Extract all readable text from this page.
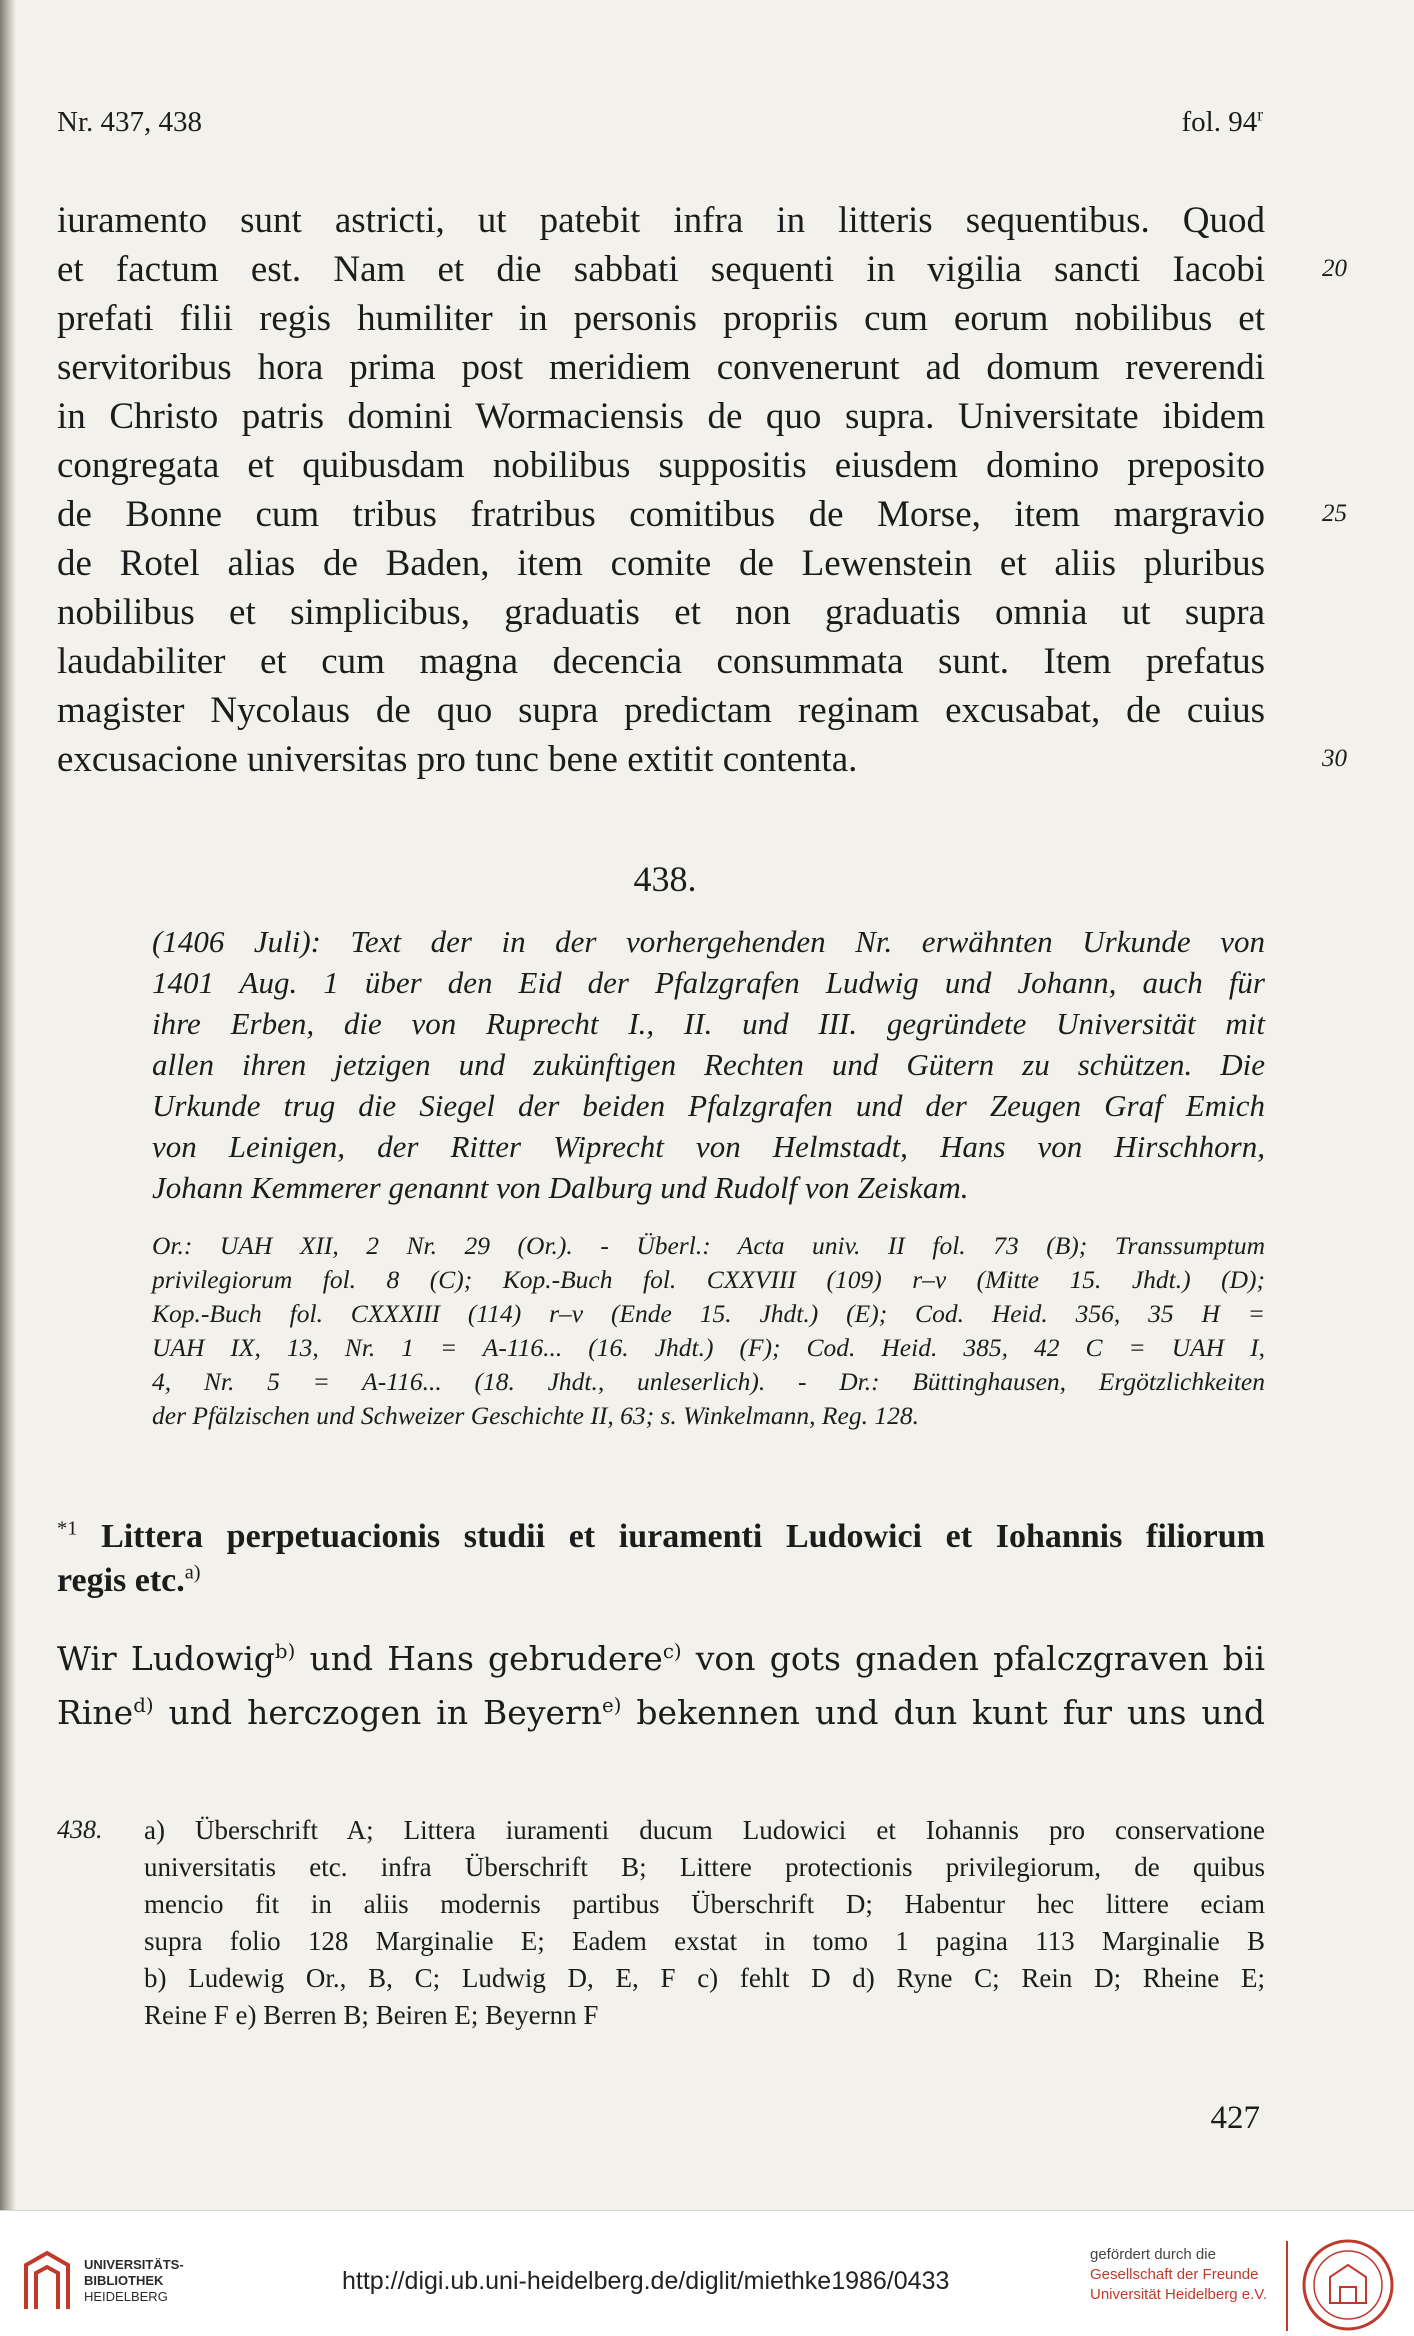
Nr. 437, 438	fol. 94$^r$
iuramento sunt astricti, ut patebit infra in litteris sequentibus. Quod
et factum est. Nam et die sabbati sequenti in vigilia sancti Iacobi
prefati filii regis humiliter in personis propriis cum eorum nobilibus et
servitoribus hora prima post meridiem convenerunt ad domum reverendi
in Christo patris domini Wormaciensis de quo supra. Universitate ibidem
congregata et quibusdam nobilibus suppositis eiusdem domino preposito
de Bonne cum tribus fratribus comitibus de Morse, item margravio
de Rotel alias de Baden, item comite de Lewenstein et aliis pluribus
nobilibus et simplicibus, graduatis et non graduatis omnia ut supra
laudabiliter et cum magna decencia consummata sunt. Item prefatus
magister Nycolaus de quo supra predictam reginam excusabat, de cuius
excusacione universitas pro tunc bene extitit contenta.
20
25
30
438.
(1406 Juli): Text der in der vorhergehenden Nr. erwähnten Urkunde von
1401 Aug. 1 über den Eid der Pfalzgrafen Ludwig und Johann, auch für
ihre Erben, die von Ruprecht I., II. und III. gegründete Universität mit
allen ihren jetzigen und zukünftigen Rechten und Gütern zu schützen. Die
Urkunde trug die Siegel der beiden Pfalzgrafen und der Zeugen Graf Emich
von Leinigen, der Ritter Wiprecht von Helmstadt, Hans von Hirschhorn,
Johann Kemmerer genannt von Dalburg und Rudolf von Zeiskam.
Or.: UAH XII, 2 Nr. 29 (Or.). - Überl.: Acta univ. II fol. 73 (B); Transsumptum
privilegiorum fol. 8 (C); Kop.-Buch fol. CXXVIII (109) r–v (Mitte 15. Jhdt.) (D);
Kop.-Buch fol. CXXXIII (114) r–v (Ende 15. Jhdt.) (E); Cod. Heid. 356, 35 H =
UAH IX, 13, Nr. 1 = A-116... (16. Jhdt.) (F); Cod. Heid. 385, 42 C = UAH I,
4, Nr. 5 = A-116... (18. Jhdt., unleserlich). - Dr.: Büttinghausen, Ergötzlichkeiten
der Pfälzischen und Schweizer Geschichte II, 63; s. Winkelmann, Reg. 128.
$^{*1}$ Littera perpetuacionis studii et iuramenti Ludowici et Iohannis filiorum
regis etc.$^{a)}$
Wir Ludowig$^{b)}$ und Hans gebrudere$^{c)}$ von gots gnaden pfalczgraven bii
Rine$^{d)}$ und herczogen in Beyern$^{e)}$ bekennen und dun kunt fur uns und
438. a) Überschrift A; Littera iuramenti ducum Ludowici et Iohannis pro conservatione
universitatis etc. infra Überschrift B; Littere protectionis privilegiorum, de quibus
mencio fit in aliis modernis partibus Überschrift D; Habentur hec littere eciam
supra folio 128 Marginalie E; Eadem exstat in tomo 1 pagina 113 Marginalie B
b) Ludewig Or., B, C; Ludwig D, E, F c) fehlt D d) Ryne C; Rein D; Rheine E;
Reine F e) Berren B; Beiren E; Beyernn F
427
UNIVERSITÄTS-
BIBLIOTHEK
HEIDELBERG
http://digi.ub.uni-heidelberg.de/diglit/miethke1986/0433
gefördert durch die
Gesellschaft der Freunde
Universität Heidelberg e.V.
